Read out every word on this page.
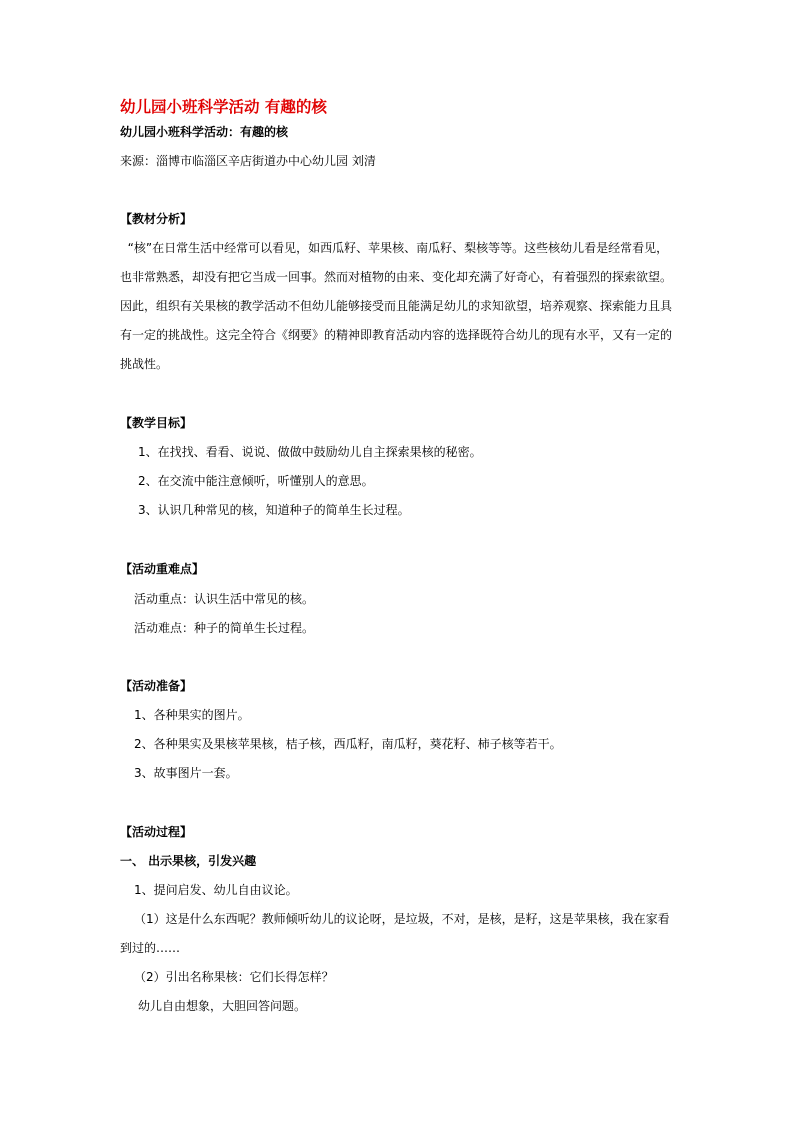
幼儿园小班科学活动 有趣的核
幼儿园小班科学活动：有趣的核
来源：淄博市临淄区辛店街道办中心幼儿园 刘清
【教材分析】
“核”在日常生活中经常可以看见，如西瓜籽、苹果核、南瓜籽、梨核等等。这些核幼儿看是经常看见，
也非常熟悉，却没有把它当成一回事。然而对植物的由来、变化却充满了好奇心，有着强烈的探索欲望。
因此，组织有关果核的教学活动不但幼儿能够接受而且能满足幼儿的求知欲望，培养观察、探索能力且具
有一定的挑战性。这完全符合《纲要》的精神即教育活动内容的选择既符合幼儿的现有水平，又有一定的
挑战性。
【教学目标】
1、在找找、看看、说说、做做中鼓励幼儿自主探索果核的秘密。
2、在交流中能注意倾听，听懂别人的意思。
3、认识几种常见的核，知道种子的简单生长过程。
【活动重难点】
活动重点：认识生活中常见的核。
活动难点：种子的简单生长过程。
【活动准备】
1、各种果实的图片。
2、各种果实及果核苹果核，桔子核，西瓜籽，南瓜籽，葵花籽、柿子核等若干。
3、故事图片一套。
【活动过程】
一、 出示果核，引发兴趣
1、提问启发、幼儿自由议论。
（1）这是什么东西呢？教师倾听幼儿的议论呀，是垃圾，不对，是核，是籽，这是苹果核，我在家看
到过的……
（2）引出名称果核：它们长得怎样？
幼儿自由想象，大胆回答问题。
